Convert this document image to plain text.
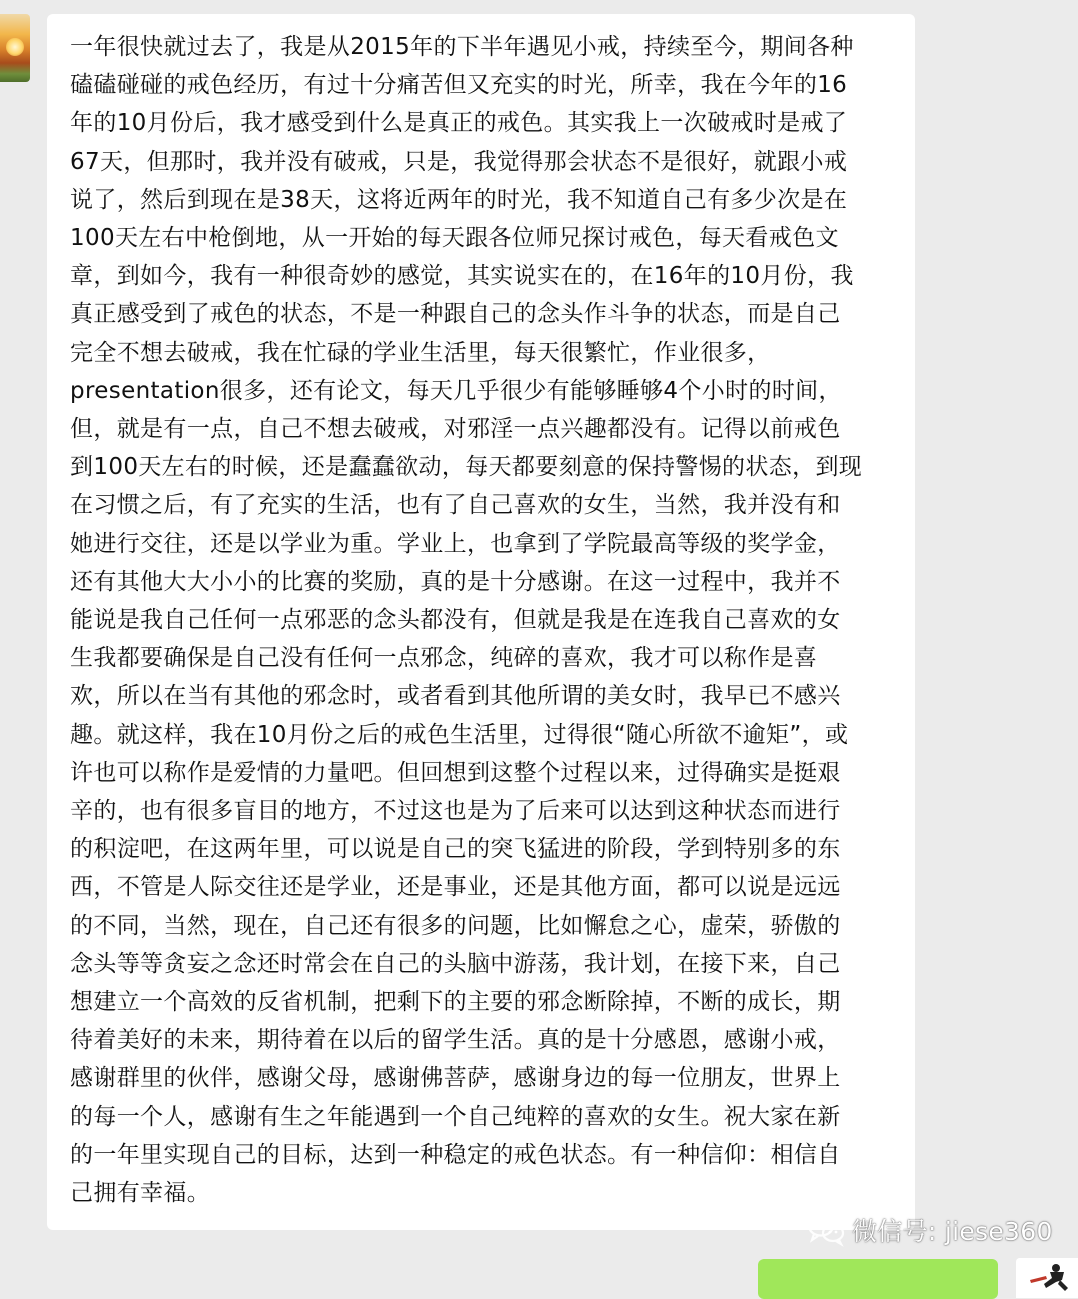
一年很快就过去了，我是从2015年的下半年遇见小戒，持续至今，期间各种
磕磕碰碰的戒色经历，有过十分痛苦但又充实的时光，所幸，我在今年的16
年的10月份后，我才感受到什么是真正的戒色。其实我上一次破戒时是戒了
67天，但那时，我并没有破戒，只是，我觉得那会状态不是很好，就跟小戒
说了，然后到现在是38天，这将近两年的时光，我不知道自己有多少次是在
100天左右中枪倒地，从一开始的每天跟各位师兄探讨戒色，每天看戒色文
章，到如今，我有一种很奇妙的感觉，其实说实在的，在16年的10月份，我
真正感受到了戒色的状态，不是一种跟自己的念头作斗争的状态，而是自己
完全不想去破戒，我在忙碌的学业生活里，每天很繁忙，作业很多，
presentation很多，还有论文，每天几乎很少有能够睡够4个小时的时间，
但，就是有一点，自己不想去破戒，对邪淫一点兴趣都没有。记得以前戒色
到100天左右的时候，还是蠢蠢欲动，每天都要刻意的保持警惕的状态，到现
在习惯之后，有了充实的生活，也有了自己喜欢的女生，当然，我并没有和
她进行交往，还是以学业为重。学业上，也拿到了学院最高等级的奖学金，
还有其他大大小小的比赛的奖励，真的是十分感谢。在这一过程中，我并不
能说是我自己任何一点邪恶的念头都没有，但就是我是在连我自己喜欢的女
生我都要确保是自己没有任何一点邪念，纯碎的喜欢，我才可以称作是喜
欢，所以在当有其他的邪念时，或者看到其他所谓的美女时，我早已不感兴
趣。就这样，我在10月份之后的戒色生活里，过得很“随心所欲不逾矩”，或
许也可以称作是爱情的力量吧。但回想到这整个过程以来，过得确实是挺艰
辛的，也有很多盲目的地方，不过这也是为了后来可以达到这种状态而进行
的积淀吧，在这两年里，可以说是自己的突飞猛进的阶段，学到特别多的东
西，不管是人际交往还是学业，还是事业，还是其他方面，都可以说是远远
的不同，当然，现在，自己还有很多的问题，比如懈怠之心，虚荣，骄傲的
念头等等贪妄之念还时常会在自己的头脑中游荡，我计划，在接下来，自己
想建立一个高效的反省机制，把剩下的主要的邪念断除掉，不断的成长，期
待着美好的未来，期待着在以后的留学生活。真的是十分感恩，感谢小戒，
感谢群里的伙伴，感谢父母，感谢佛菩萨，感谢身边的每一位朋友，世界上
的每一个人，感谢有生之年能遇到一个自己纯粹的喜欢的女生。祝大家在新
的一年里实现自己的目标，达到一种稳定的戒色状态。有一种信仰：相信自
己拥有幸福。

微信号: jiese360
